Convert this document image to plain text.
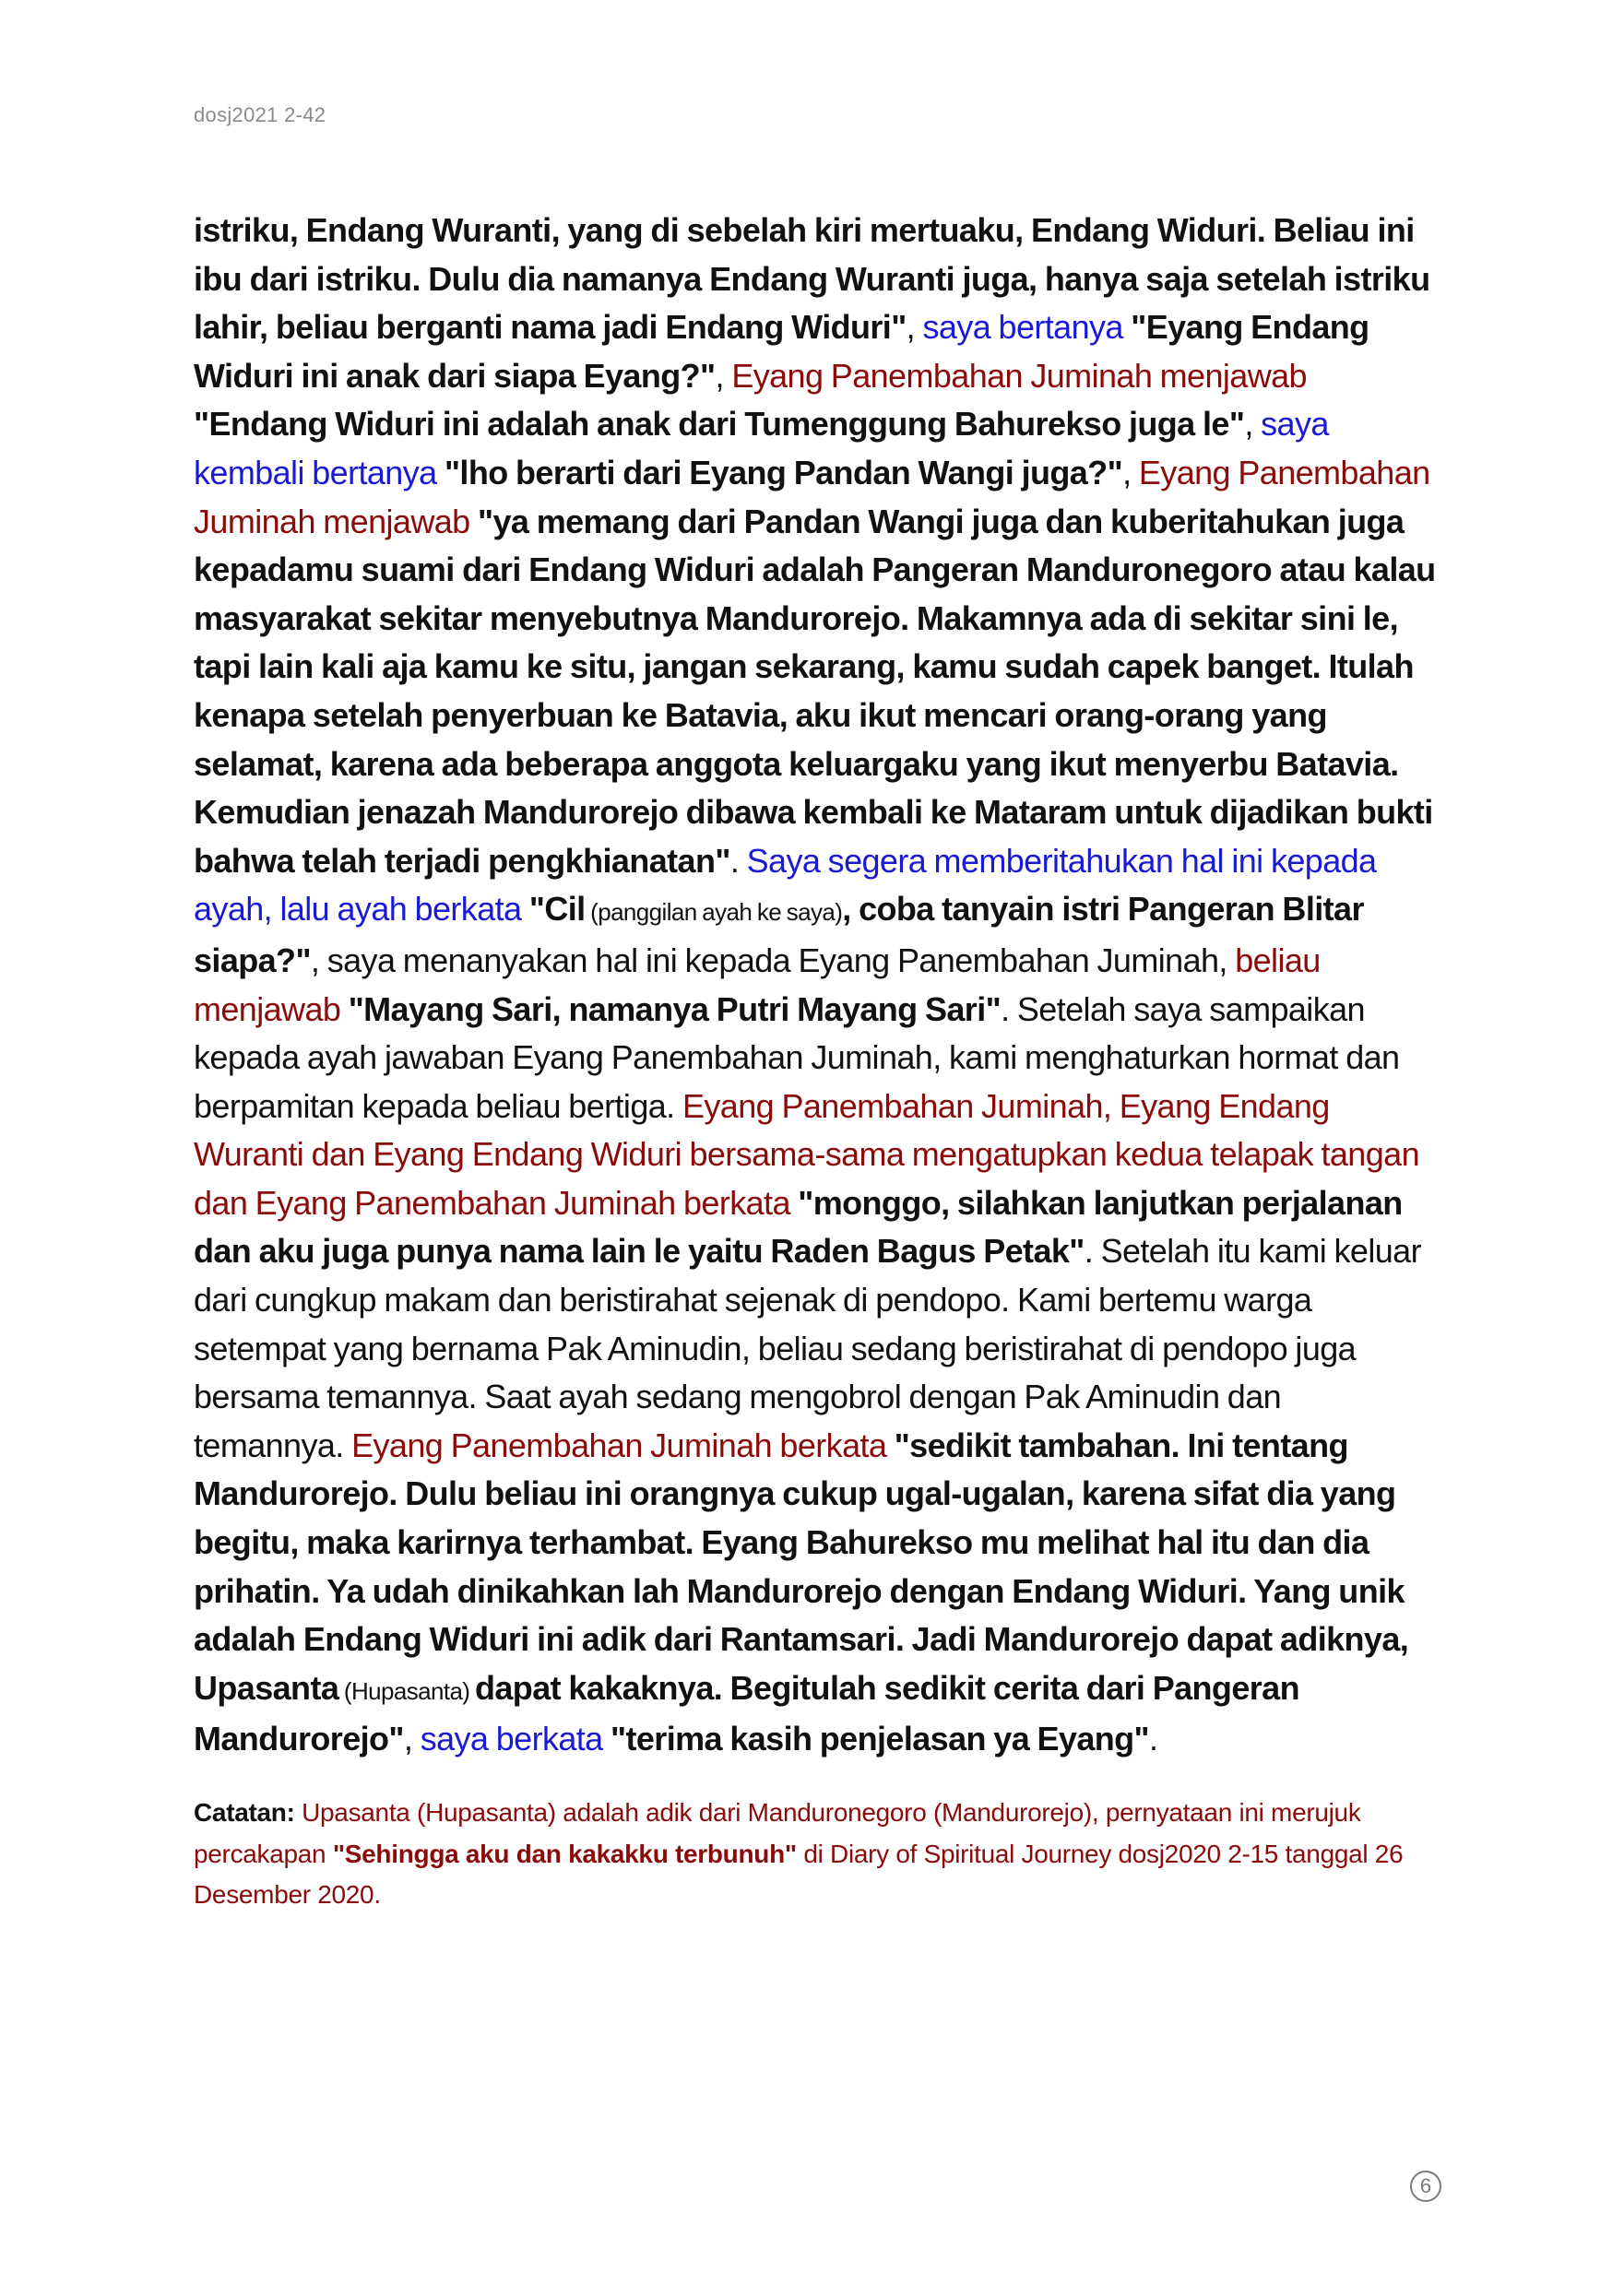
dosj2021 2-42
istriku, Endang Wuranti, yang di sebelah kiri mertuaku, Endang Widuri. Beliau ini ibu dari istriku. Dulu dia namanya Endang Wuranti juga, hanya saja setelah istriku lahir, beliau berganti nama jadi Endang Widuri", saya bertanya "Eyang Endang Widuri ini anak dari siapa Eyang?", Eyang Panembahan Juminah menjawab "Endang Widuri ini adalah anak dari Tumenggung Bahurekso juga le", saya kembali bertanya "lho berarti dari Eyang Pandan Wangi juga?", Eyang Panembahan Juminah menjawab "ya memang dari Pandan Wangi juga dan kuberitahukan juga kepadamu suami dari Endang Widuri adalah Pangeran Manduronegoro atau kalau masyarakat sekitar menyebutnya Mandurorejo. Makamnya ada di sekitar sini le, tapi lain kali aja kamu ke situ, jangan sekarang, kamu sudah capek banget. Itulah kenapa setelah penyerbuan ke Batavia, aku ikut mencari orang-orang yang selamat, karena ada beberapa anggota keluargaku yang ikut menyerbu Batavia. Kemudian jenazah Mandurorejo dibawa kembali ke Mataram untuk dijadikan bukti bahwa telah terjadi pengkhianatan". Saya segera memberitahukan hal ini kepada ayah, lalu ayah berkata "Cil (panggilan ayah ke saya), coba tanyain istri Pangeran Blitar siapa?", saya menanyakan hal ini kepada Eyang Panembahan Juminah, beliau menjawab "Mayang Sari, namanya Putri Mayang Sari". Setelah saya sampaikan kepada ayah jawaban Eyang Panembahan Juminah, kami menghaturkan hormat dan berpamitan kepada beliau bertiga. Eyang Panembahan Juminah, Eyang Endang Wuranti dan Eyang Endang Widuri bersama-sama mengatupkan kedua telapak tangan dan Eyang Panembahan Juminah berkata "monggo, silahkan lanjutkan perjalanan dan aku juga punya nama lain le yaitu Raden Bagus Petak". Setelah itu kami keluar dari cungkup makam dan beristirahat sejenak di pendopo. Kami bertemu warga setempat yang bernama Pak Aminudin, beliau sedang beristirahat di pendopo juga bersama temannya. Saat ayah sedang mengobrol dengan Pak Aminudin dan temannya. Eyang Panembahan Juminah berkata "sedikit tambahan. Ini tentang Mandurorejo. Dulu beliau ini orangnya cukup ugal-ugalan, karena sifat dia yang begitu, maka karirnya terhambat. Eyang Bahurekso mu melihat hal itu dan dia prihatin. Ya udah dinikahkan lah Mandurorejo dengan Endang Widuri. Yang unik adalah Endang Widuri ini adik dari Rantamsari. Jadi Mandurorejo dapat adiknya, Upasanta (Hupasanta) dapat kakaknya. Begitulah sedikit cerita dari Pangeran Mandurorejo", saya berkata "terima kasih penjelasan ya Eyang".
Catatan: Upasanta (Hupasanta) adalah adik dari Manduronegoro (Mandurorejo), pernyataan ini merujuk percakapan "Sehingga aku dan kakakku terbunuh" di Diary of Spiritual Journey dosj2020 2-15 tanggal 26 Desember 2020.
6
